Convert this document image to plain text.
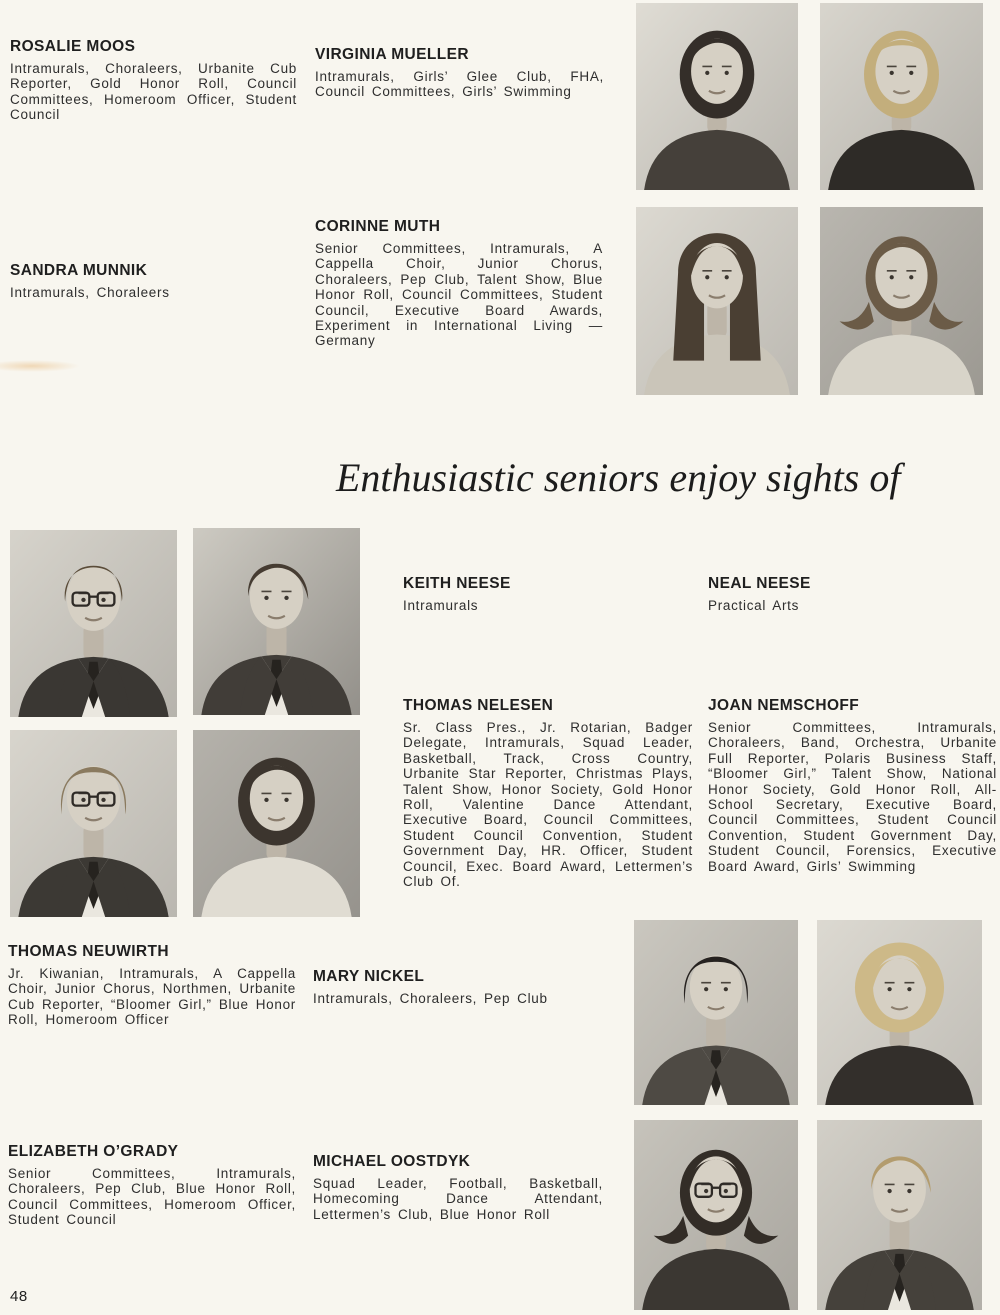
ROSALIE MOOS

Intramurals, Choraleers, Urbanite Cub Reporter, Gold Honor Roll, Council Committees, Homeroom Officer, Student Council

VIRGINIA MUELLER

Intramurals, Girls’ Glee Club, FHA, Council Committees, Girls’ Swimming

SANDRA MUNNIK

Intramurals, Choraleers

CORINNE MUTH

Senior Committees, Intramurals, A Cappella Choir, Junior Chorus, Choraleers, Pep Club, Talent Show, Blue Honor Roll, Council Committees, Student Council, Executive Board Awards, Experiment in International Living — Germany

Enthusiastic seniors enjoy sights of
KEITH NEESE

Intramurals

NEAL NEESE

Practical Arts

THOMAS NELESEN

Sr. Class Pres., Jr. Rotarian, Badger Delegate, Intramurals, Squad Leader, Basketball, Track, Cross Country, Urbanite Star Reporter, Christmas Plays, Talent Show, Honor Society, Gold Honor Roll, Valentine Dance Attendant, Executive Board, Council Committees, Student Council Convention, Student Government Day, HR. Officer, Student Council, Exec. Board Award, Lettermen’s Club Of.

JOAN NEMSCHOFF

Senior Committees, Intramurals, Choraleers, Band, Orchestra, Urbanite Full Reporter, Polaris Business Staff, “Bloomer Girl,” Talent Show, National Honor Society, Gold Honor Roll, All-School Secretary, Executive Board, Council Committees, Student Council Convention, Student Government Day, Student Council, Forensics, Executive Board Award, Girls’ Swimming

THOMAS NEUWIRTH

Jr. Kiwanian, Intramurals, A Cappella Choir, Junior Chorus, Northmen, Urbanite Cub Reporter, “Bloomer Girl,” Blue Honor Roll, Homeroom Officer

MARY NICKEL

Intramurals, Choraleers, Pep Club

ELIZABETH O’GRADY

Senior Committees, Intramurals, Choraleers, Pep Club, Blue Honor Roll, Council Committees, Homeroom Officer, Student Council

MICHAEL OOSTDYK

Squad Leader, Football, Basketball, Homecoming Dance Attendant, Lettermen’s Club, Blue Honor Roll

48
